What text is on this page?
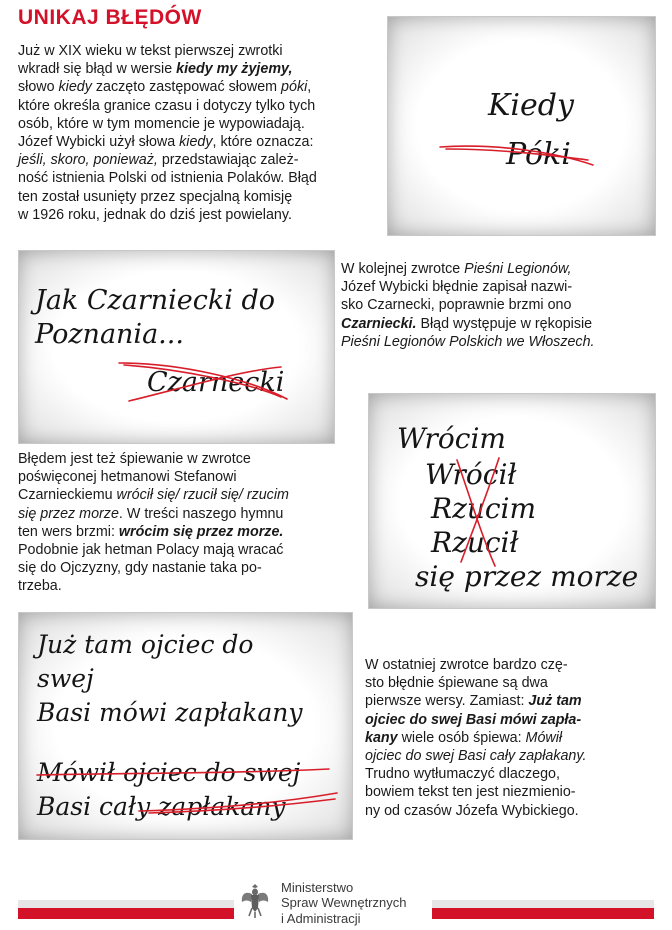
UNIKAJ BŁĘDÓW
Już w XIX wieku w tekst pierwszej zwrotki
wkradł się błąd w wersie kiedy my żyjemy,
słowo kiedy zaczęto zastępować słowem póki,
które określa granice czasu i dotyczy tylko tych
osób, które w tym momencie je wypowiadają.
Józef Wybicki użył słowa kiedy, które oznacza:
jeśli, skoro, ponieważ, przedstawiając zależ-
ność istnienia Polski od istnienia Polaków. Błąd
ten został usunięty przez specjalną komisję
w 1926 roku, jednak do dziś jest powielany.
Kiedy
Póki
Jak Czarniecki do
Poznania...
Czarnecki
W kolejnej zwrotce Pieśni Legionów,
Józef Wybicki błędnie zapisał nazwi-
sko Czarnecki, poprawnie brzmi ono
Czarniecki. Błąd występuje w rękopisie
Pieśni Legionów Polskich we Włoszech.
Wrócim
Wrócił
Rzucim
Rzucił
się przez morze
Błędem jest też śpiewanie w zwrotce
poświęconej hetmanowi Stefanowi
Czarnieckiemu wrócił się/ rzucił się/ rzucim
się przez morze. W treści naszego hymnu
ten wers brzmi: wrócim się przez morze.
Podobnie jak hetman Polacy mają wracać
się do Ojczyzny, gdy nastanie taka po-
trzeba.
Już tam ojciec do
swej
Basi mówi zapłakany
Mówił ojciec do swej
Basi cały zapłakany
W ostatniej zwrotce bardzo czę-
sto błędnie śpiewane są dwa
pierwsze wersy. Zamiast: Już tam
ojciec do swej Basi mówi zapła-
kany wiele osób śpiewa: Mówił
ojciec do swej Basi cały zapłakany.
Trudno wytłumaczyć dlaczego,
bowiem tekst ten jest niezmienio-
ny od czasów Józefa Wybickiego.
Ministerstwo
Spraw Wewnętrznych
i Administracji
